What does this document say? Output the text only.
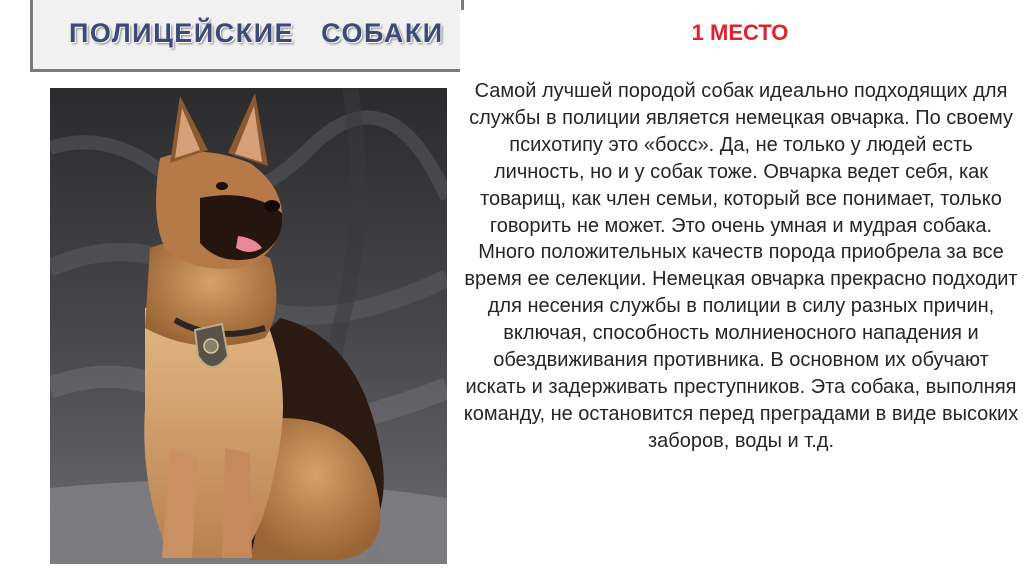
ПОЛИЦЕЙСКИЕ СОБАКИ	1 МЕСТО
Самой лучшей породой собак идеально подходящих для службы в полиции является немецкая овчарка. По своему психотипу это «босс». Да, не только у людей есть личность, но и у собак тоже. Овчарка ведет себя, как товарищ, как член семьи, который все понимает, только говорить не может. Это очень умная и мудрая собака. Много положительных качеств порода приобрела за все время ее селекции. Немецкая овчарка прекрасно подходит для несения службы в полиции в силу разных причин, включая, способность молниеносного нападения и обездвиживания противника. В основном их обучают искать и задерживать преступников. Эта собака, выполняя команду, не остановится перед преградами в виде высоких заборов, воды и т.д.
